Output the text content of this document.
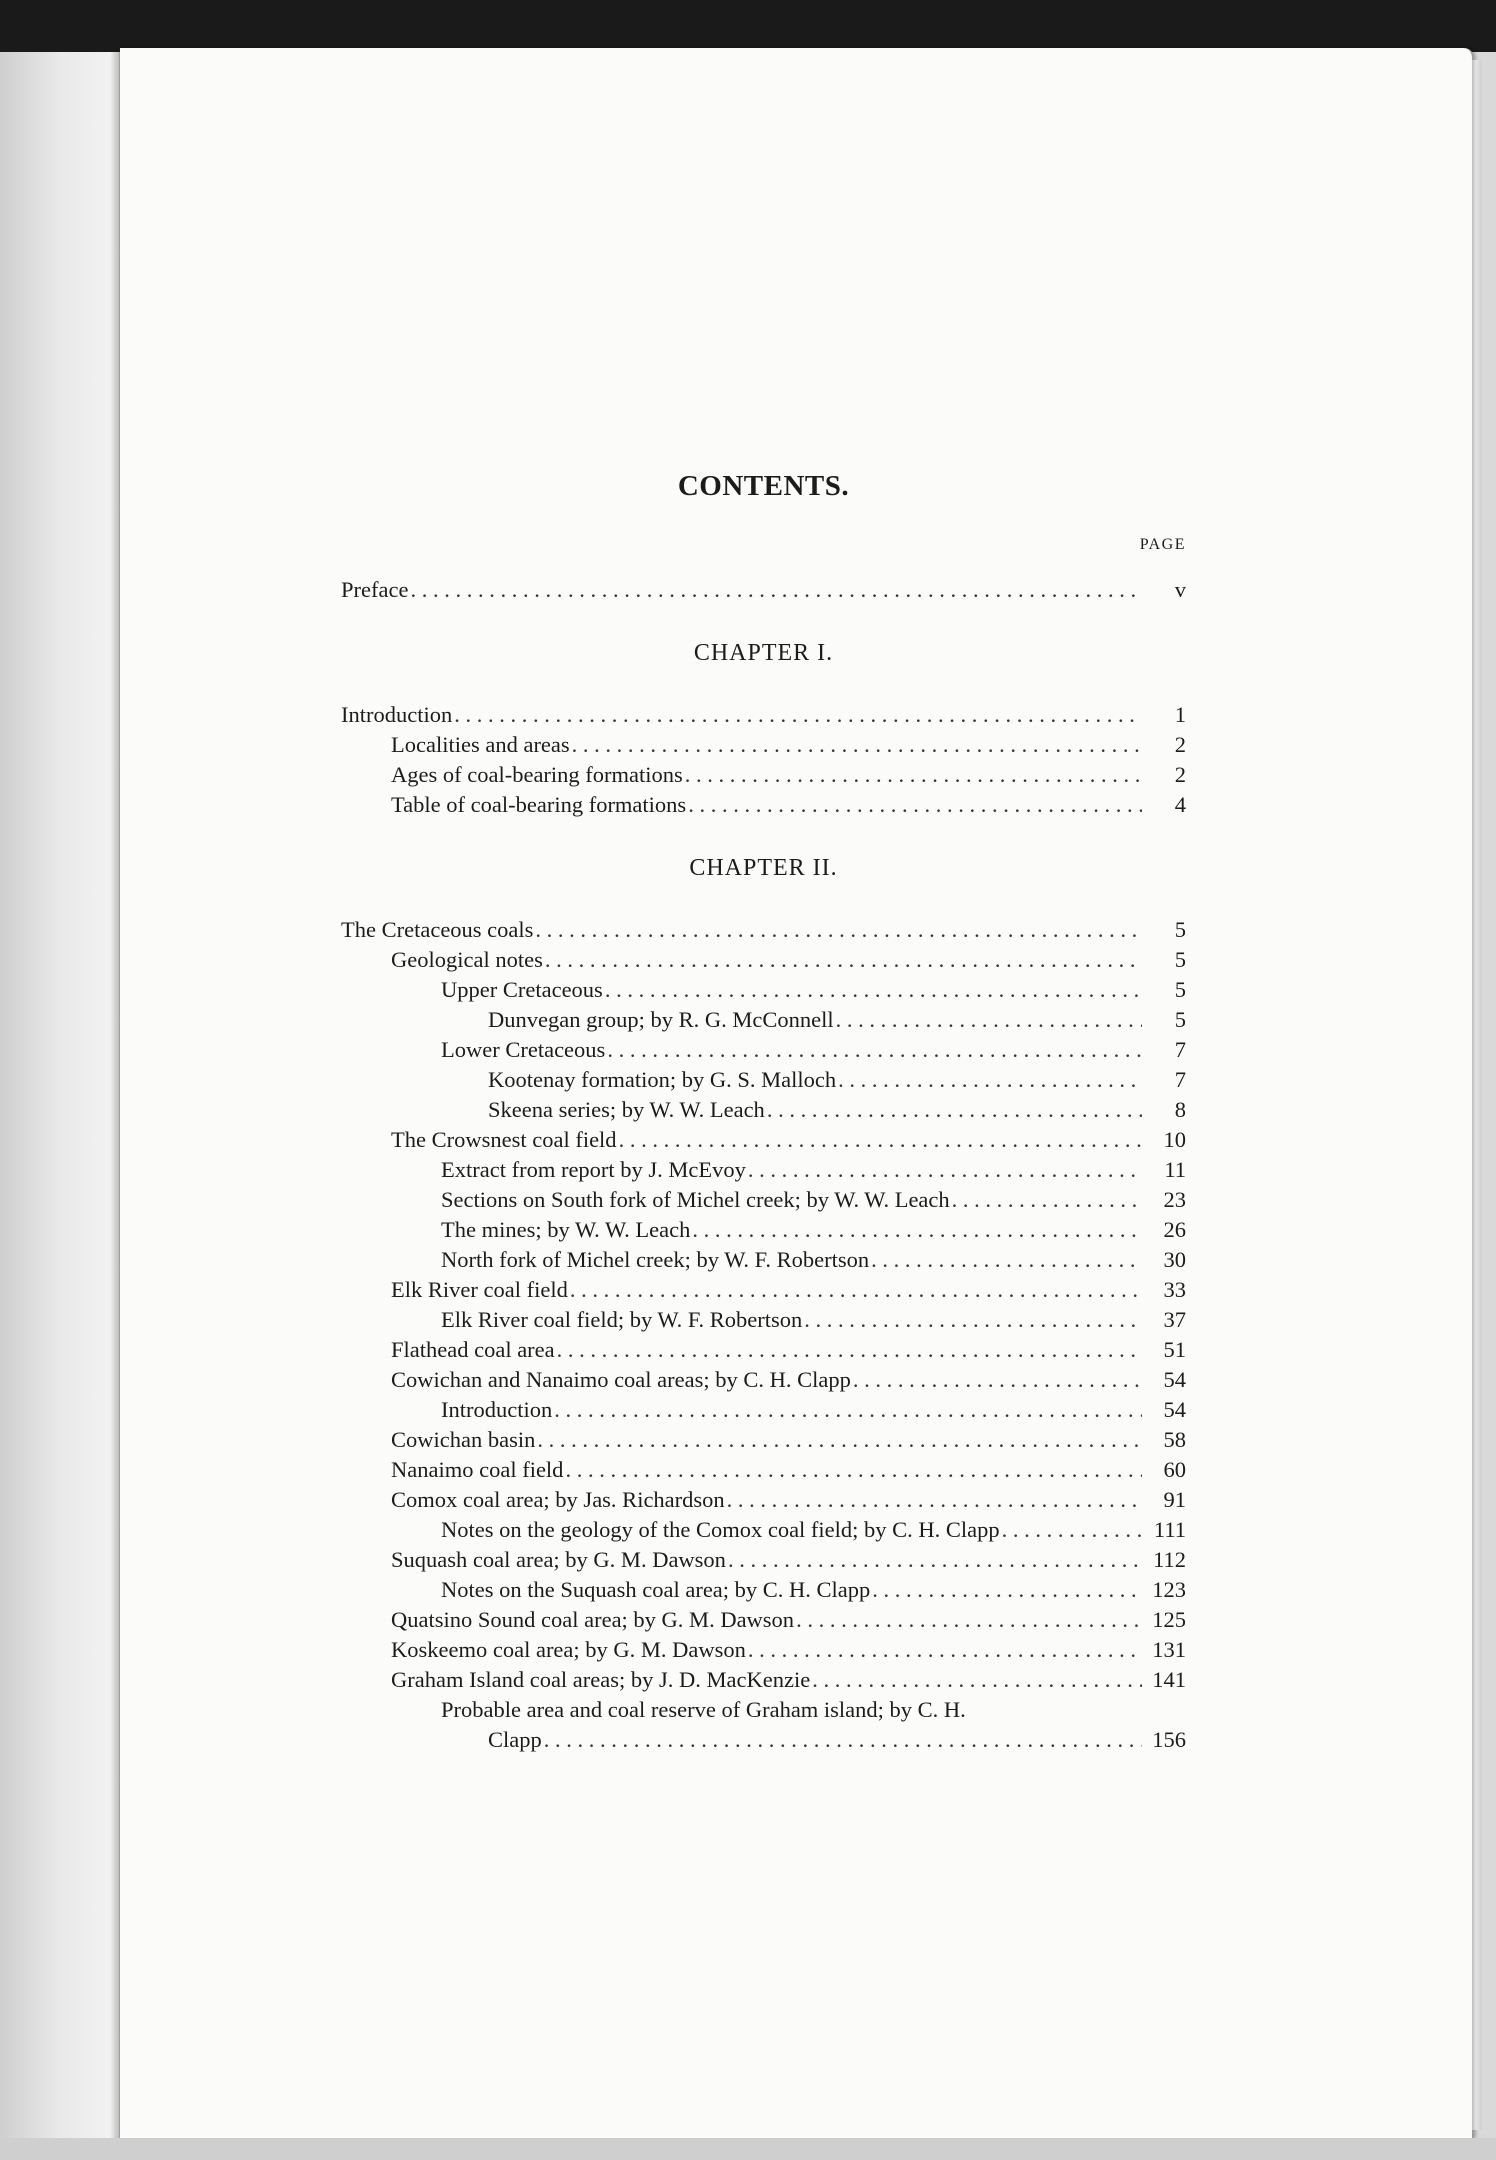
CONTENTS.
PAGE
Preface . . .	v
CHAPTER I.
Introduction . . .	1
Localities and areas . . .	2
Ages of coal-bearing formations . . .	2
Table of coal-bearing formations . . .	4
CHAPTER II.
The Cretaceous coals . . .	5
Geological notes . . .	5
Upper Cretaceous . . .	5
Dunvegan group; by R. G. McConnell . . .	5
Lower Cretaceous . . .	7
Kootenay formation; by G. S. Malloch . . .	7
Skeena series; by W. W. Leach . . .	8
The Crowsnest coal field . . .	10
Extract from report by J. McEvoy . . .	11
Sections on South fork of Michel creek; by W. W. Leach . . .	23
The mines; by W. W. Leach . . .	26
North fork of Michel creek; by W. F. Robertson . . .	30
Elk River coal field . . .	33
Elk River coal field; by W. F. Robertson . . .	37
Flathead coal area . . .	51
Cowichan and Nanaimo coal areas; by C. H. Clapp . . .	54
Introduction . . .	54
Cowichan basin . . .	58
Nanaimo coal field . . .	60
Comox coal area; by Jas. Richardson . . .	91
Notes on the geology of the Comox coal field; by C. H. Clapp . . .	111
Suquash coal area; by G. M. Dawson . . .	112
Notes on the Suquash coal area; by C. H. Clapp . . .	123
Quatsino Sound coal area; by G. M. Dawson . . .	125
Koskeemo coal area; by G. M. Dawson . . .	131
Graham Island coal areas; by J. D. MacKenzie . . .	141
Probable area and coal reserve of Graham island; by C. H.
Clapp . . .	156
